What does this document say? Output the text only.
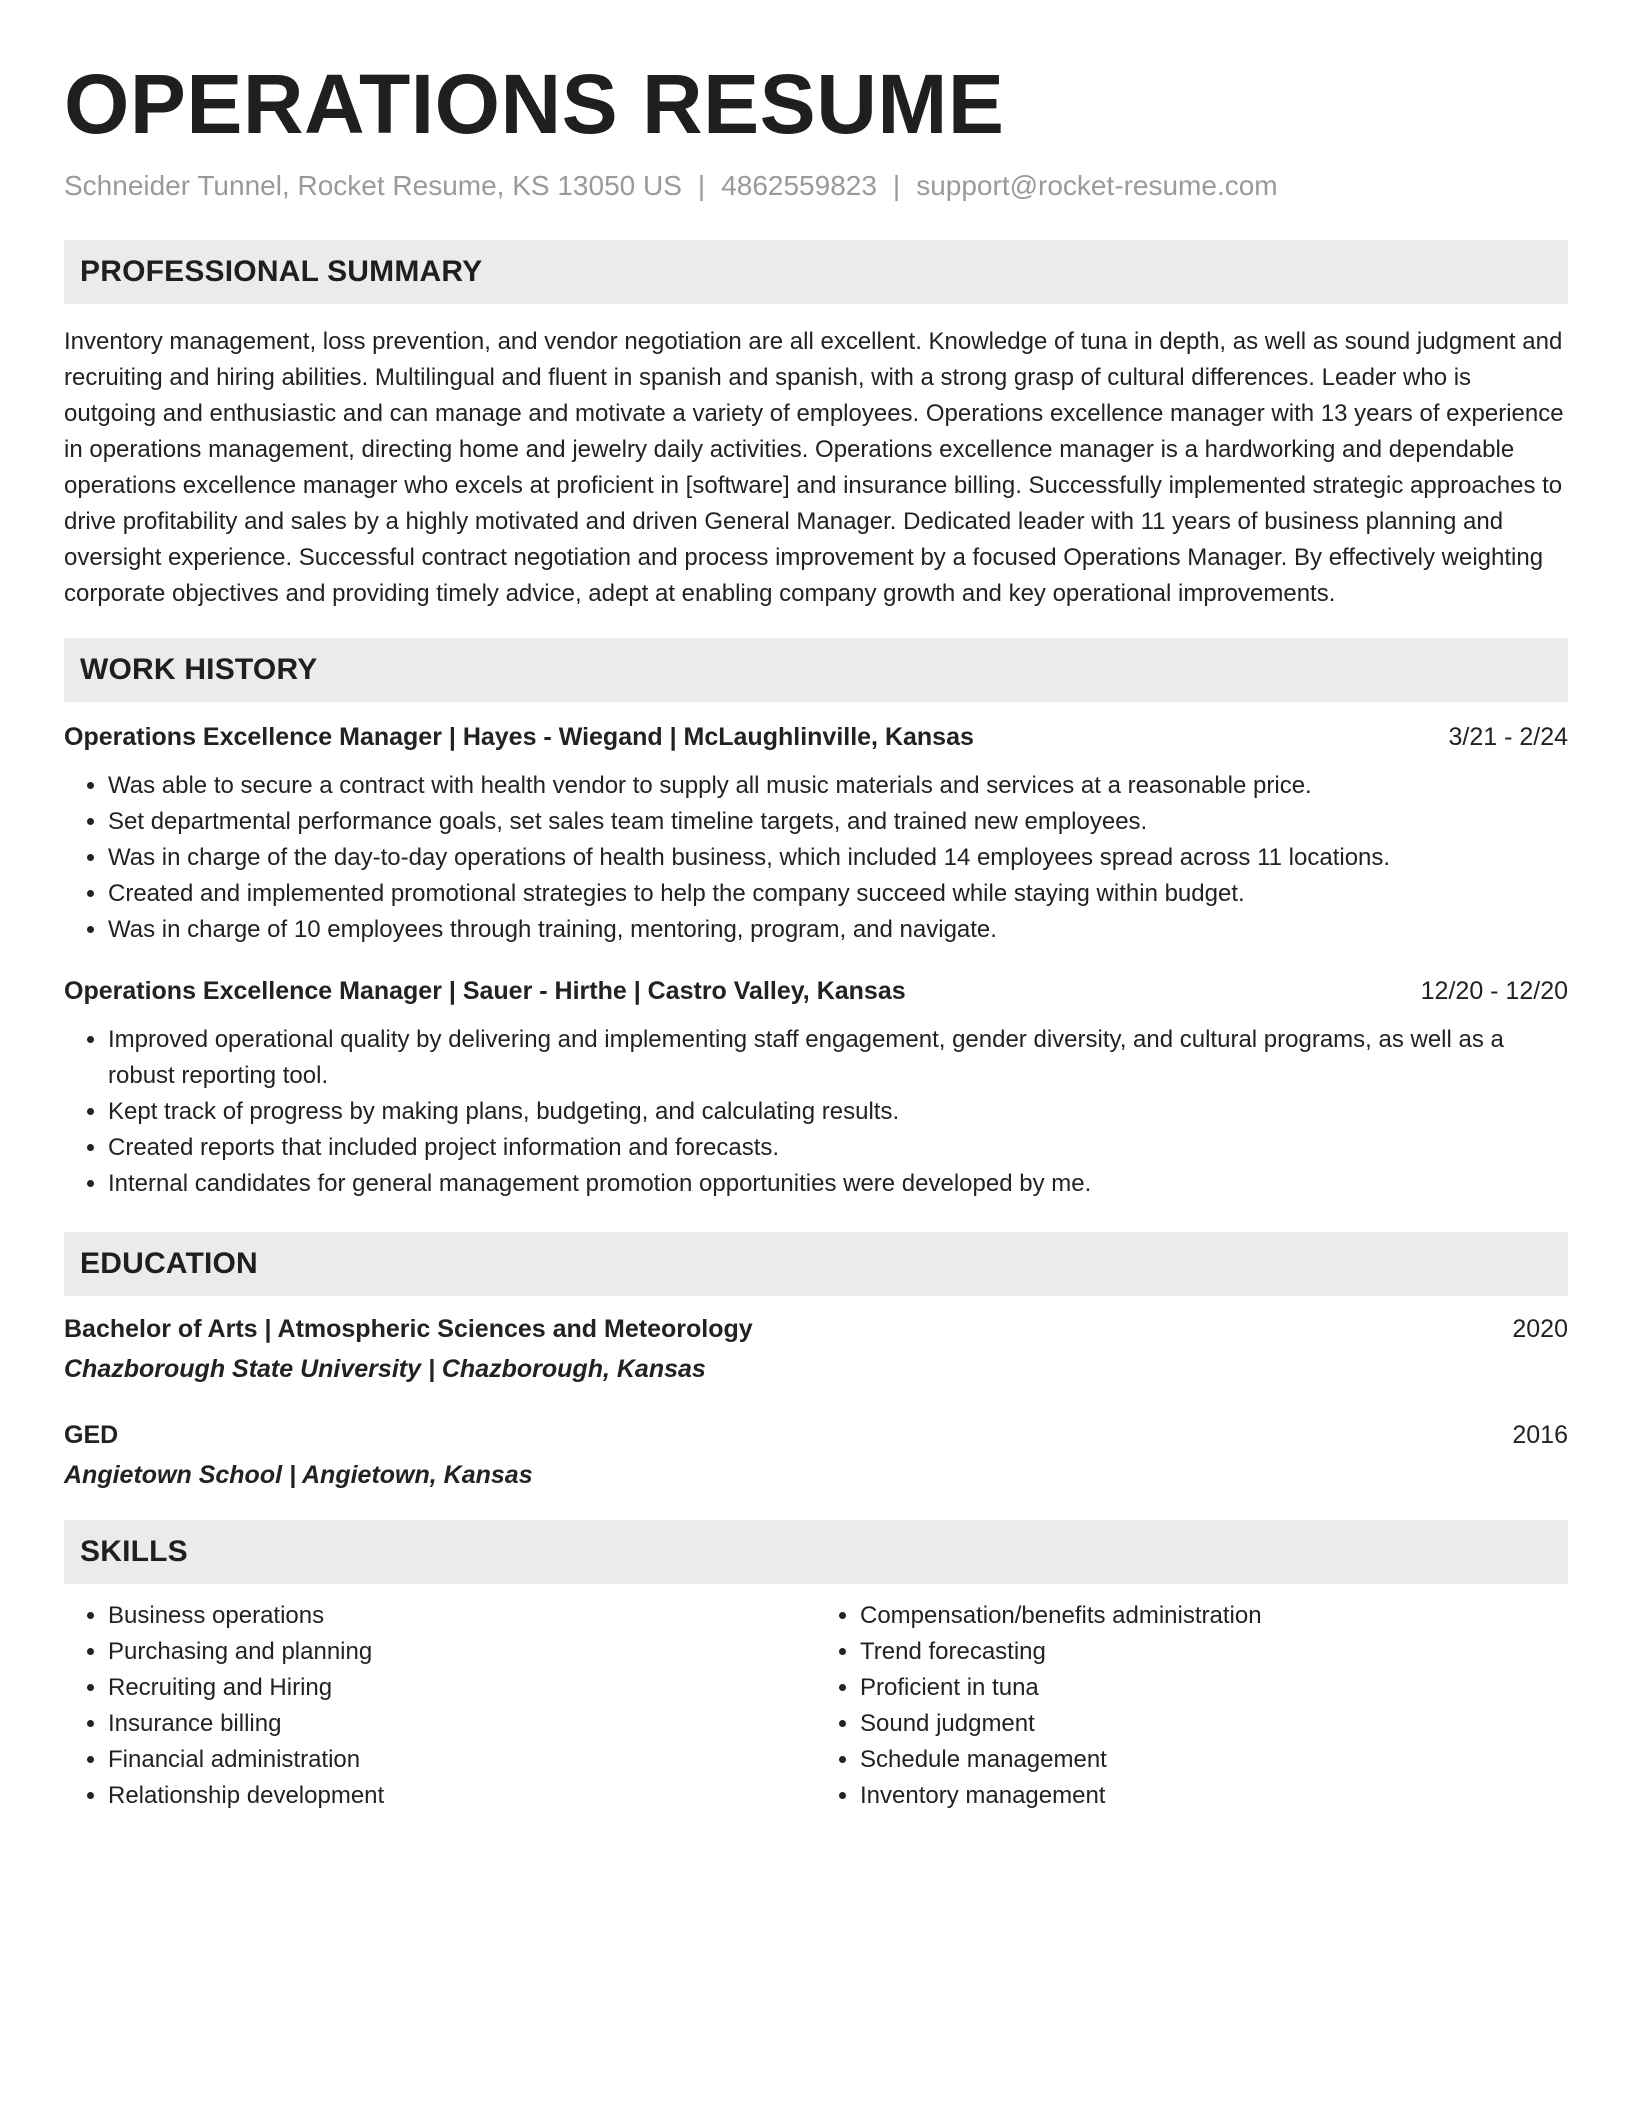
OPERATIONS RESUME
Schneider Tunnel, Rocket Resume, KS 13050 US | 4862559823 | support@rocket-resume.com
PROFESSIONAL SUMMARY

Inventory management, loss prevention, and vendor negotiation are all excellent. Knowledge of tuna in depth, as well as sound judgment and recruiting and hiring abilities. Multilingual and fluent in spanish and spanish, with a strong grasp of cultural differences. Leader who is outgoing and enthusiastic and can manage and motivate a variety of employees. Operations excellence manager with 13 years of experience in operations management, directing home and jewelry daily activities. Operations excellence manager is a hardworking and dependable operations excellence manager who excels at proficient in [software] and insurance billing. Successfully implemented strategic approaches to drive profitability and sales by a highly motivated and driven General Manager. Dedicated leader with 11 years of business planning and oversight experience. Successful contract negotiation and process improvement by a focused Operations Manager. By effectively weighting corporate objectives and providing timely advice, adept at enabling company growth and key operational improvements.

WORK HISTORY
Operations Excellence Manager | Hayes - Wiegand | McLaughlinville, Kansas	3/21 - 2/24
• Was able to secure a contract with health vendor to supply all music materials and services at a reasonable price.
• Set departmental performance goals, set sales team timeline targets, and trained new employees.
• Was in charge of the day-to-day operations of health business, which included 14 employees spread across 11 locations.
• Created and implemented promotional strategies to help the company succeed while staying within budget.
• Was in charge of 10 employees through training, mentoring, program, and navigate.
Operations Excellence Manager | Sauer - Hirthe | Castro Valley, Kansas	12/20 - 12/20
• Improved operational quality by delivering and implementing staff engagement, gender diversity, and cultural programs, as well as a robust reporting tool.
• Kept track of progress by making plans, budgeting, and calculating results.
• Created reports that included project information and forecasts.
• Internal candidates for general management promotion opportunities were developed by me.
EDUCATION
Bachelor of Arts | Atmospheric Sciences and Meteorology	2020
Chazborough State University | Chazborough, Kansas
GED	2016
Angietown School | Angietown, Kansas
SKILLS
• Business operations
• Purchasing and planning
• Recruiting and Hiring
• Insurance billing
• Financial administration
• Relationship development
• Compensation/benefits administration
• Trend forecasting
• Proficient in tuna
• Sound judgment
• Schedule management
• Inventory management
